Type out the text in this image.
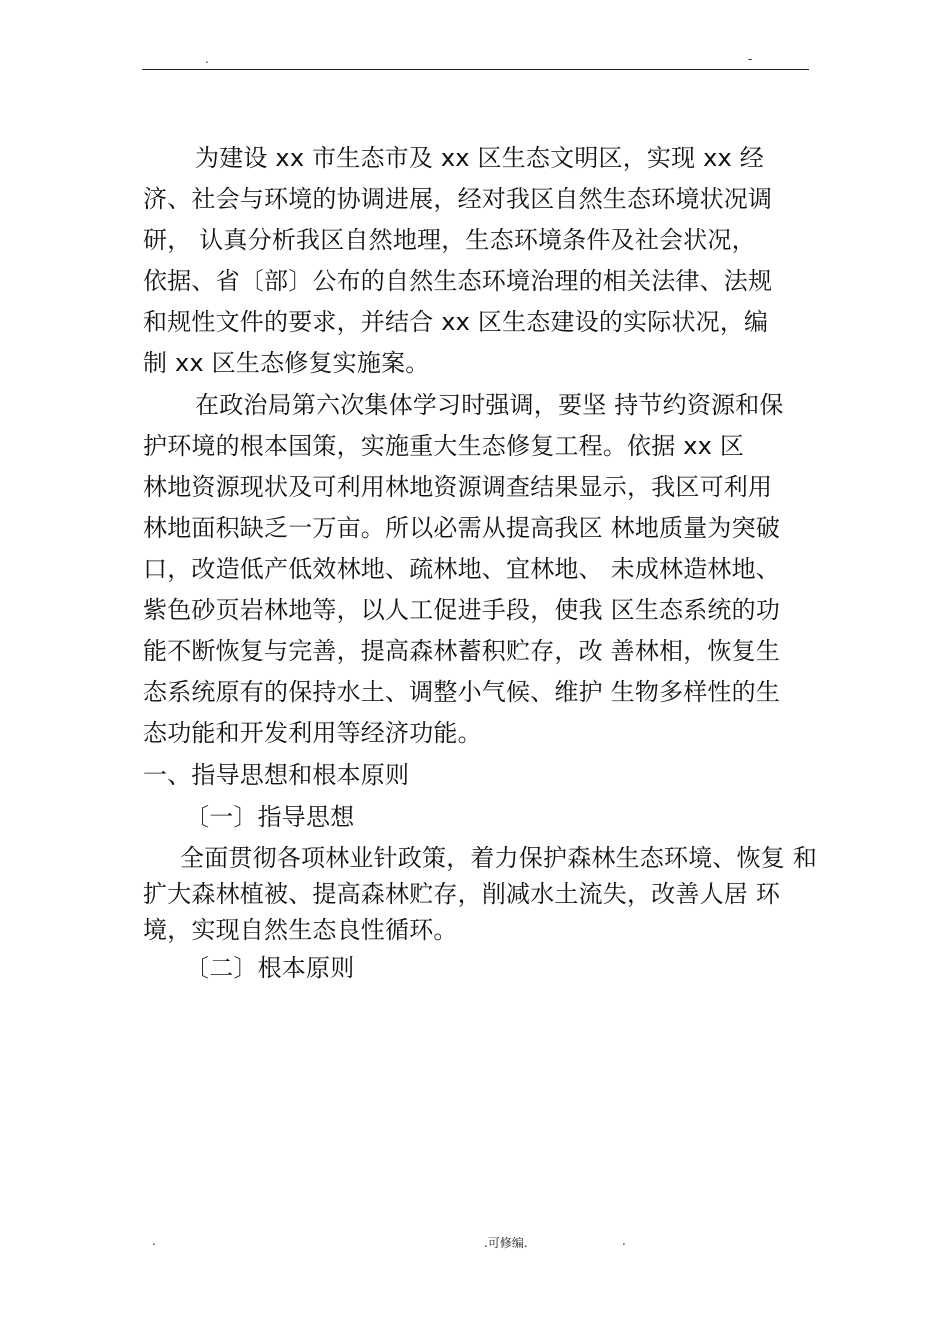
.	-
为建设 xx 市生态市及 xx 区生态文明区，实现 xx 经
济、社会与环境的协调进展，经对我区自然生态环境状况调
研， 认真分析我区自然地理，生态环境条件及社会状况，
依据、省〔部〕公布的自然生态环境治理的相关法律、法规
和规性文件的要求，并结合 xx 区生态建设的实际状况，编
制 xx 区生态修复实施案。
在政治局第六次集体学习时强调，要坚 持节约资源和保
护环境的根本国策，实施重大生态修复工程。依据 xx 区
林地资源现状及可利用林地资源调查结果显示，我区可利用
林地面积缺乏一万亩。所以必需从提高我区 林地质量为突破
口，改造低产低效林地、疏林地、宜林地、 未成林造林地、
紫色砂页岩林地等，以人工促进手段，使我 区生态系统的功
能不断恢复与完善，提高森林蓄积贮存，改 善林相，恢复生
态系统原有的保持水土、调整小气候、维护 生物多样性的生
态功能和开发利用等经济功能。
一、指导思想和根本原则
〔一〕指导思想
全面贯彻各项林业针政策，着力保护森林生态环境、恢复 和
扩大森林植被、提高森林贮存，削减水土流失，改善人居 环
境，实现自然生态良性循环。
〔二〕根本原则
.	.可修编.	.
